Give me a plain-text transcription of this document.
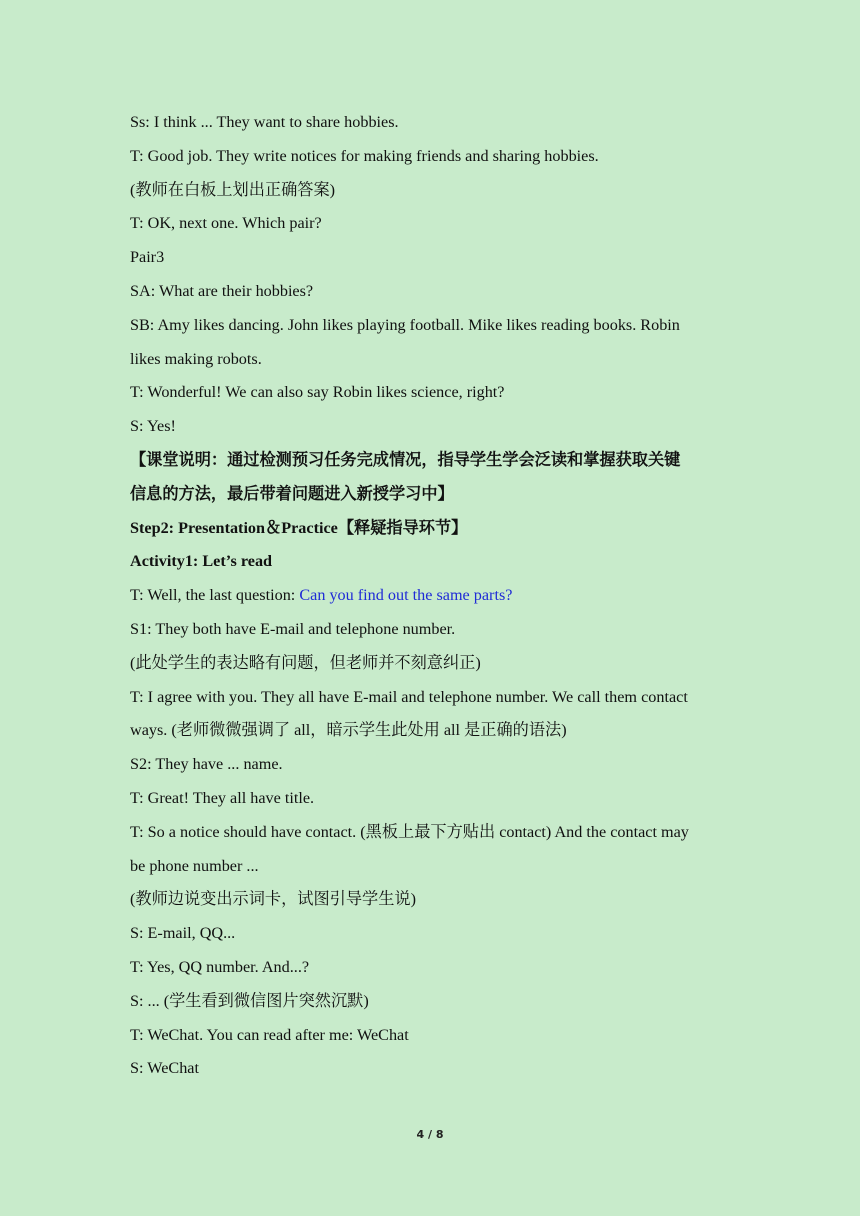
Ss: I think ... They want to share hobbies.
T: Good job. They write notices for making friends and sharing hobbies.
(教师在白板上划出正确答案)
T: OK, next one. Which pair?
Pair3
SA: What are their hobbies?
SB: Amy likes dancing. John likes playing football. Mike likes reading books. Robin
likes making robots.
T: Wonderful! We can also say Robin likes science, right?
S: Yes!
【课堂说明：通过检测预习任务完成情况，指导学生学会泛读和掌握获取关键
信息的方法，最后带着问题进入新授学习中】
Step2: Presentation＆Practice【释疑指导环节】
Activity1: Let’s read
T: Well, the last question: Can you find out the same parts?
S1: They both have E-mail and telephone number.
(此处学生的表达略有问题，但老师并不刻意纠正)
T: I agree with you. They all have E-mail and telephone number. We call them contact
ways. (老师微微强调了 all，暗示学生此处用 all 是正确的语法)
S2: They have ... name.
T: Great! They all have title.
T: So a notice should have contact. (黑板上最下方贴出 contact) And the contact may
be phone number ...
(教师边说变出示词卡，试图引导学生说)
S: E-mail, QQ...
T: Yes, QQ number. And...?
S: ... (学生看到微信图片突然沉默)
T: WeChat. You can read after me: WeChat
S: WeChat
4 / 8
